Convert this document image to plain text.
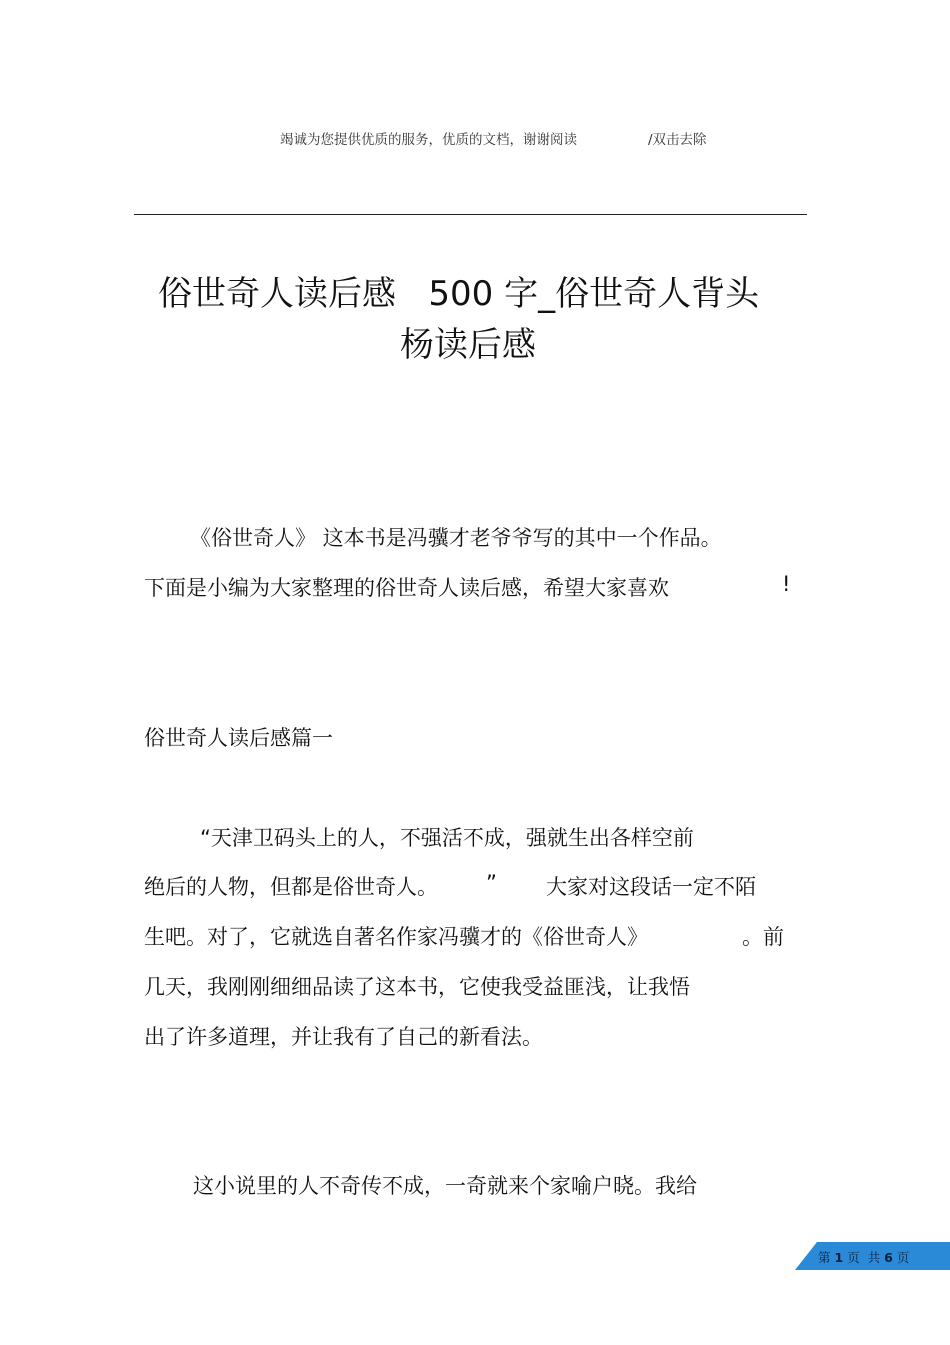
竭诚为您提供优质的服务，优质的文档，谢谢阅读	/双击去除
俗世奇人读后感   500 字_俗世奇人背头
杨读后感
《俗世奇人》 这本书是冯骥才老爷爷写的其中一个作品。
下面是小编为大家整理的俗世奇人读后感，希望大家喜欢	!
俗世奇人读后感篇一
“天津卫码头上的人，不强活不成，强就生出各样空前
绝后的人物，但都是俗世奇人。 ” 大家对这段话一定不陌
生吧。对了，它就选自著名作家冯骥才的《俗世奇人》	。前
几天，我刚刚细细品读了这本书，它使我受益匪浅，让我悟
出了许多道理，并让我有了自己的新看法。
这小说里的人不奇传不成，一奇就来个家喻户晓。我给
第 1 页  共 6 页
